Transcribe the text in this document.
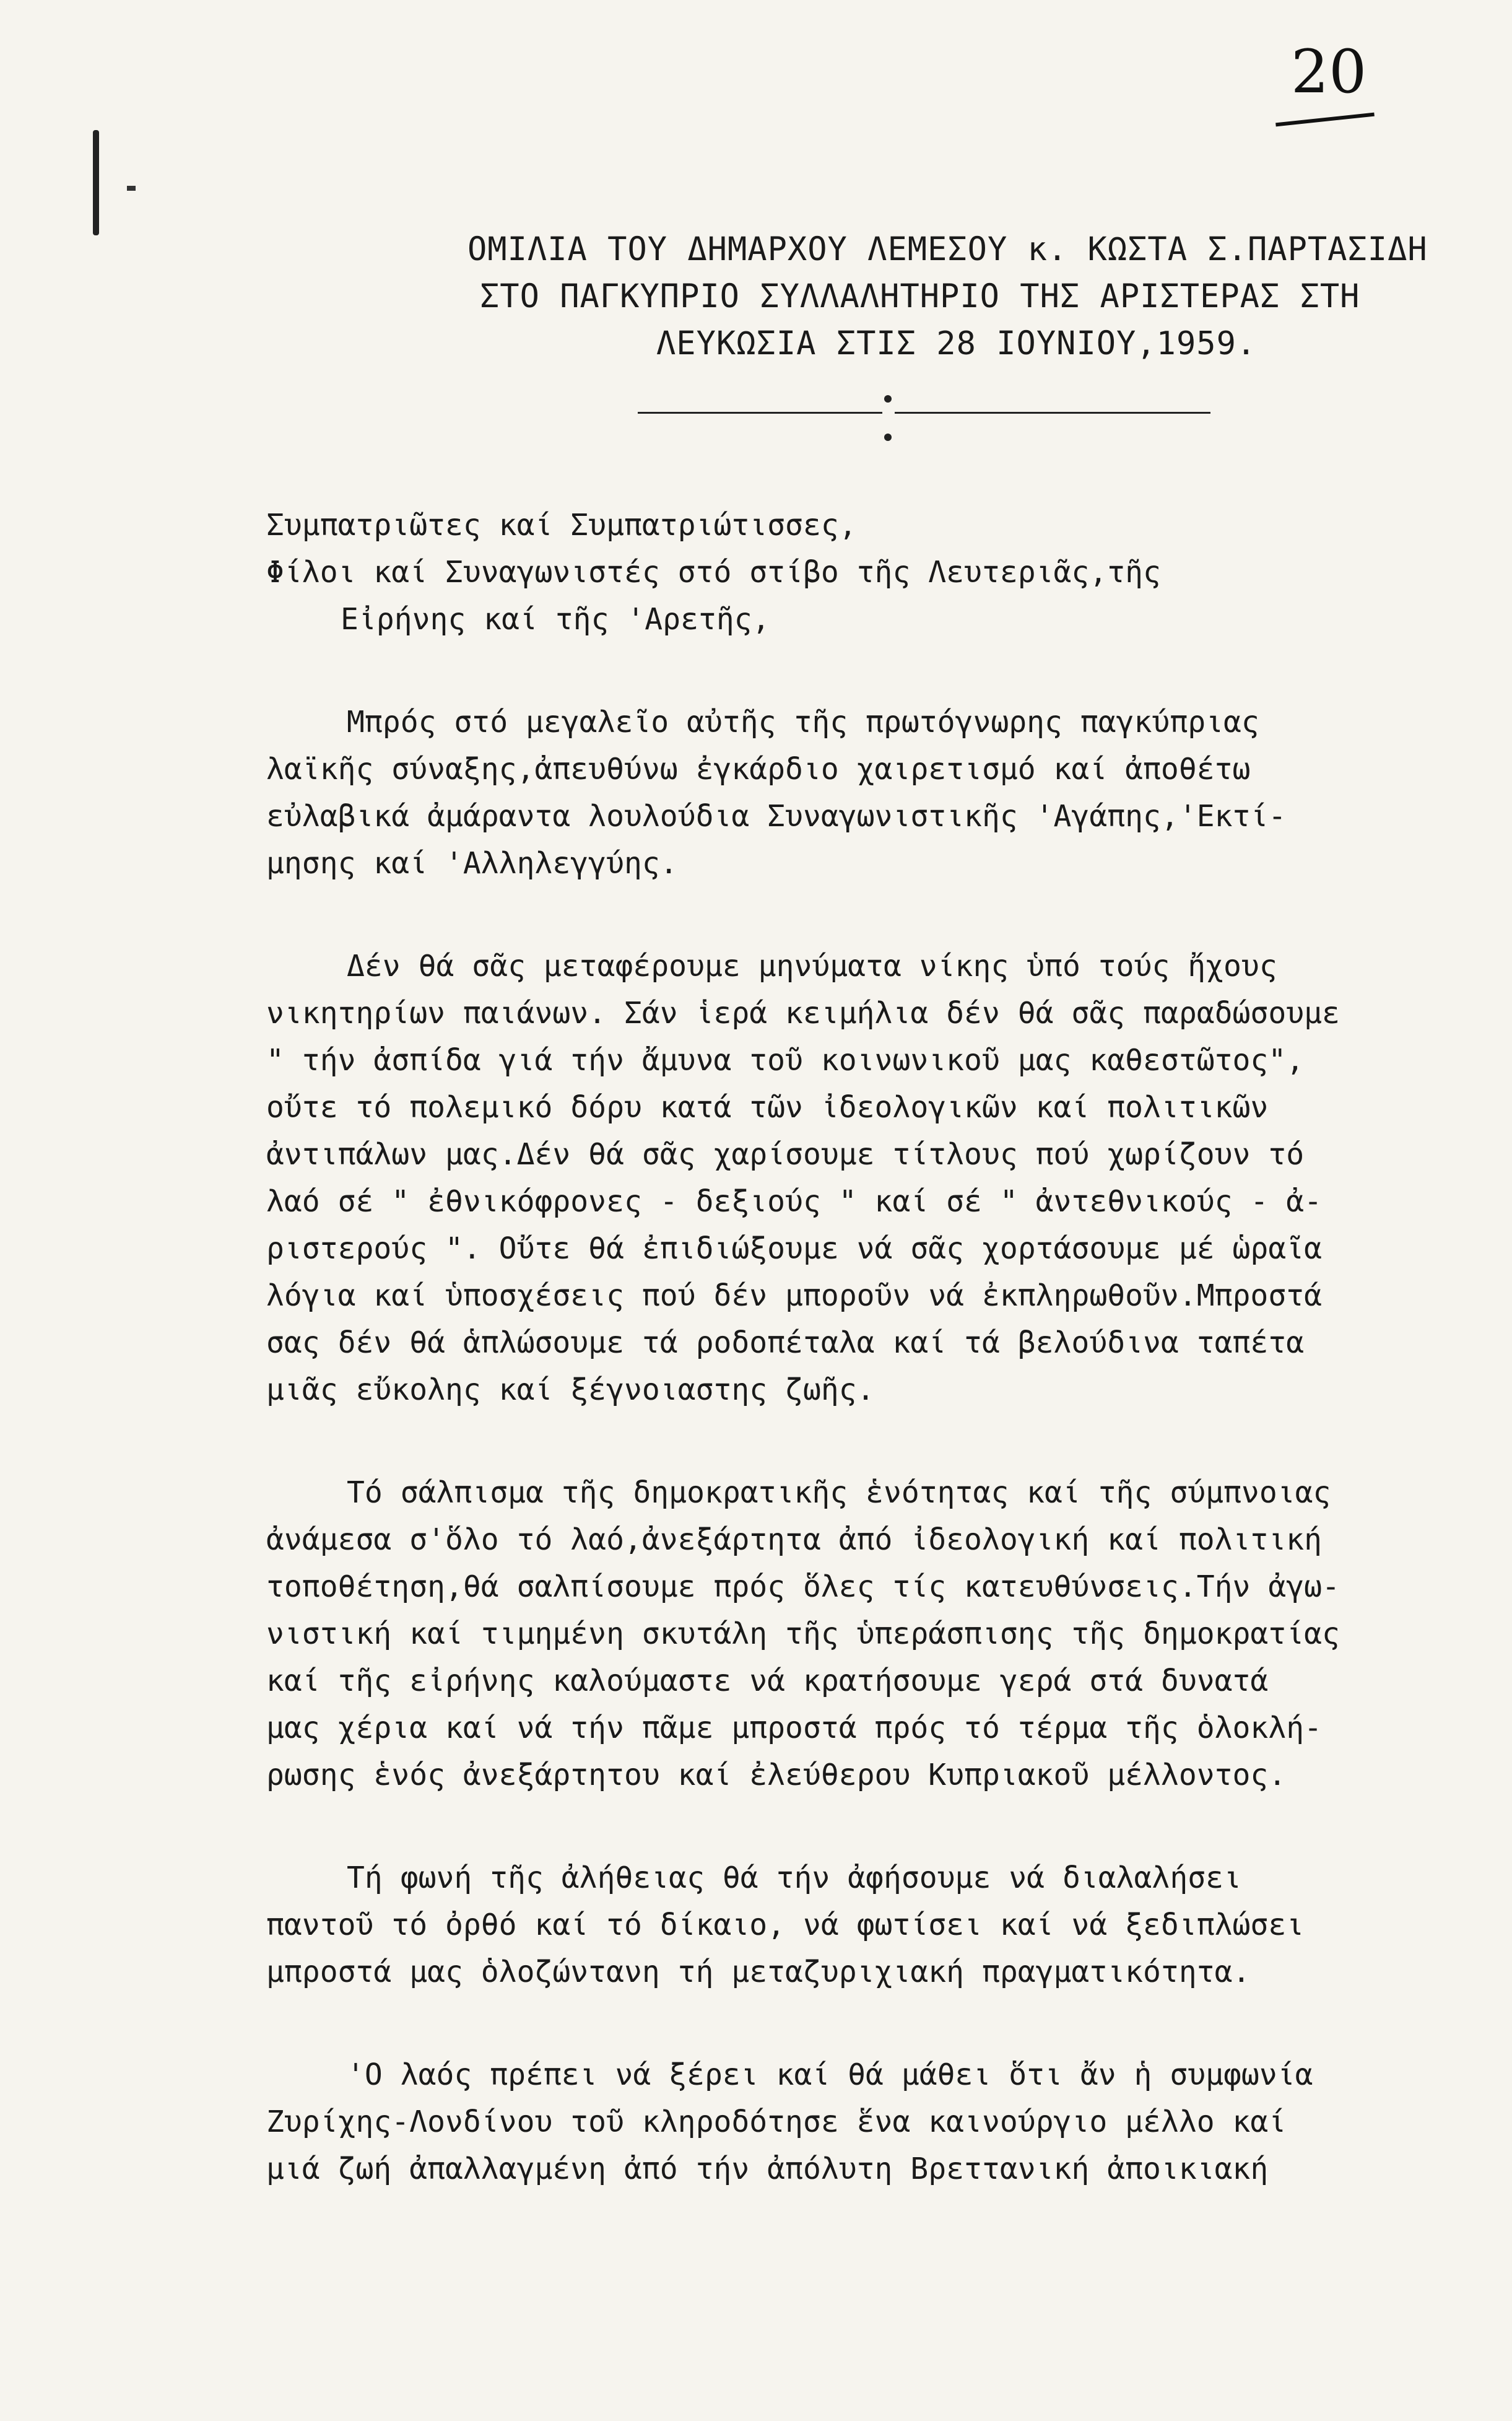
20
ΟΜΙΛΙΑ ΤΟΥ ΔΗΜΑΡΧΟΥ ΛΕΜΕΣΟΥ κ. ΚΩΣΤΑ Σ.ΠΑΡΤΑΣΙΔΗ
ΣΤΟ ΠΑΓΚΥΠΡΙΟ ΣΥΛΛΑΛΗΤΗΡΙΟ ΤΗΣ ΑΡΙΣΤΕΡΑΣ ΣΤΗ
ΛΕΥΚΩΣΙΑ ΣΤΙΣ 28 ΙΟΥΝΙΟΥ,1959.
Συμπατριῶτες καί Συμπατριώτισσες,
Φίλοι καί Συναγωνιστές στό στίβο τῆς Λευτεριᾶς,τῆς
Εἰρήνης καί τῆς 'Αρετῆς,
Μπρός στό μεγαλεῖο αὐτῆς τῆς πρωτόγνωρης παγκύπριας
λαϊκῆς σύναξης,ἀπευθύνω ἐγκάρδιο χαιρετισμό καί ἀποθέτω
εὐλαβικά ἀμάραντα λουλούδια Συναγωνιστικῆς 'Αγάπης,'Εκτί-
μησης καί 'Αλληλεγγύης.
Δέν θά σᾶς μεταφέρουμε μηνύματα νίκης ὑπό τούς ἤχους
νικητηρίων παιάνων. Σάν ἱερά κειμήλια δέν θά σᾶς παραδώσουμε
" τήν ἀσπίδα γιά τήν ἄμυνα τοῦ κοινωνικοῦ μας καθεστῶτος",
οὔτε τό πολεμικό δόρυ κατά τῶν ἰδεολογικῶν καί πολιτικῶν
ἀντιπάλων μας.Δέν θά σᾶς χαρίσουμε τίτλους πού χωρίζουν τό
λαό σέ " ἐθνικόφρονες - δεξιούς " καί σέ " ἀντεθνικούς - ἀ-
ριστερούς ". Οὔτε θά ἐπιδιώξουμε νά σᾶς χορτάσουμε μέ ὡραῖα
λόγια καί ὑποσχέσεις πού δέν μποροῦν νά ἐκπληρωθοῦν.Μπροστά
σας δέν θά ἁπλώσουμε τά ροδοπέταλα καί τά βελούδινα ταπέτα
μιᾶς εὔκολης καί ξέγνοιαστης ζωῆς.
Τό σάλπισμα τῆς δημοκρατικῆς ἑνότητας καί τῆς σύμπνοιας
ἀνάμεσα σ'ὅλο τό λαό,ἀνεξάρτητα ἀπό ἰδεολογική καί πολιτική
τοποθέτηση,θά σαλπίσουμε πρός ὅλες τίς κατευθύνσεις.Τήν ἀγω-
νιστική καί τιμημένη σκυτάλη τῆς ὑπεράσπισης τῆς δημοκρατίας
καί τῆς εἰρήνης καλούμαστε νά κρατήσουμε γερά στά δυνατά
μας χέρια καί νά τήν πᾶμε μπροστά πρός τό τέρμα τῆς ὁλοκλή-
ρωσης ἑνός ἀνεξάρτητου καί ἐλεύθερου Κυπριακοῦ μέλλοντος.
Τή φωνή τῆς ἀλήθειας θά τήν ἀφήσουμε νά διαλαλήσει
παντοῦ τό ὀρθό καί τό δίκαιο, νά φωτίσει καί νά ξεδιπλώσει
μπροστά μας ὁλοζώντανη τή μεταζυριχιακή πραγματικότητα.
'Ο λαός πρέπει νά ξέρει καί θά μάθει ὅτι ἄν ἡ συμφωνία
Ζυρίχης-Λονδίνου τοῦ κληροδότησε ἕνα καινούργιο μέλλο καί
μιά ζωή ἀπαλλαγμένη ἀπό τήν ἀπόλυτη Βρεττανική ἀποικιακή
